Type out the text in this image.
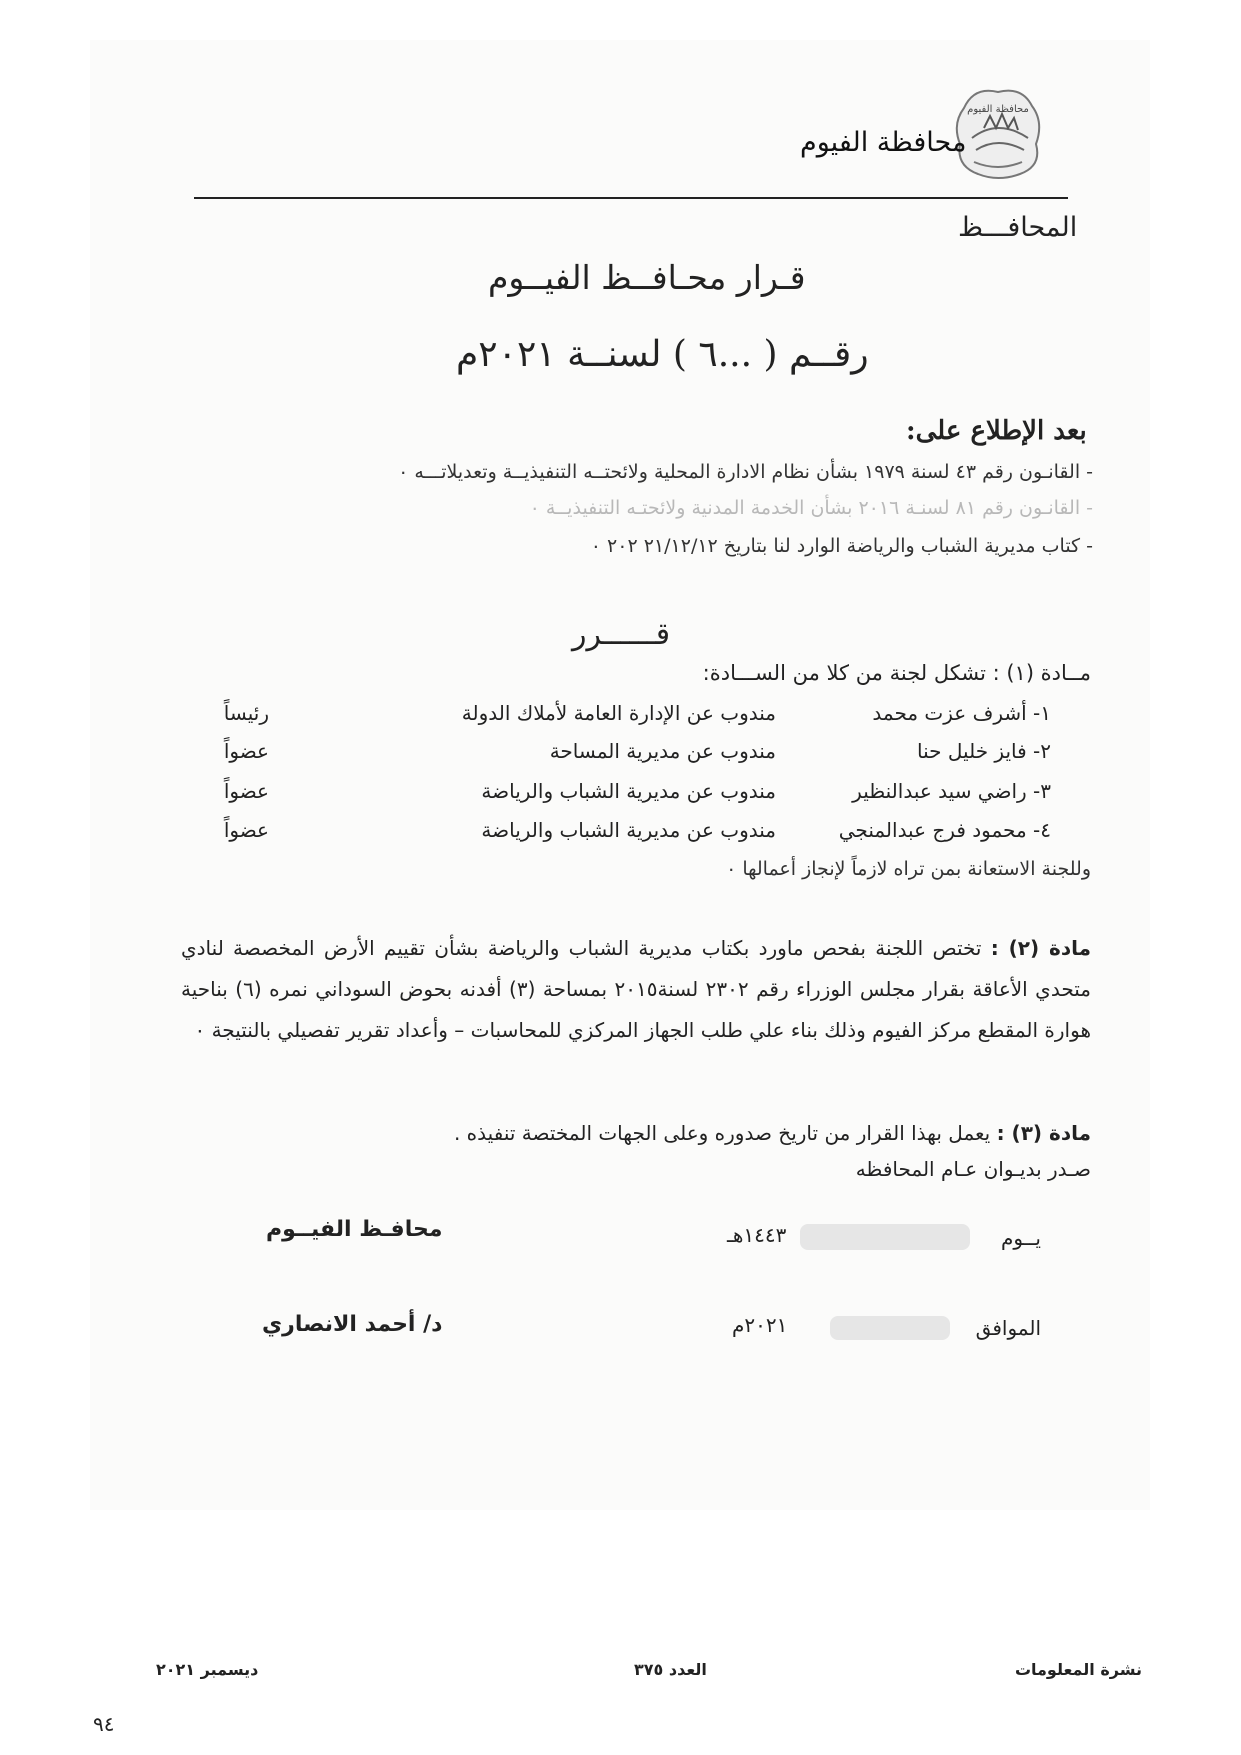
محافظة الفيوم
محافظة الفيوم
المحافـــظ
قـرار محـافــظ الفيــوم
رقــم ( ...٦ ) لسنــة ٢٠٢١م
بعد الإطلاع على:
- القانـون رقم ٤٣ لسنة ١٩٧٩ بشأن نظام الادارة المحلية ولائحتــه التنفيذيــة وتعديلاتـــه ٠
- القانـون رقم ٨١ لسنـة ٢٠١٦ بشأن الخدمة المدنية ولائحتـه التنفيذيــة ٠
- كتاب مديرية الشباب والرياضة الوارد لنا بتاريخ ٢١/١٢/١٢ ٢٠٢ ٠
قــــــرر
مــادة (١) : تشكل لجنة من كلا من الســـادة:
١- أشرف عزت محمد
مندوب عن الإدارة العامة لأملاك الدولة
رئيساً
٢- فايز خليل حنا
مندوب عن مديرية المساحة
عضواً
٣- راضي سيد عبدالنظير
مندوب عن مديرية الشباب والرياضة
عضواً
٤- محمود فرج عبدالمنجي
مندوب عن مديرية الشباب والرياضة
عضواً
وللجنة الاستعانة بمن تراه لازماً لإنجاز أعمالها ٠
مادة (٢) : تختص اللجنة بفحص ماورد بكتاب مديرية الشباب والرياضة بشأن تقييم الأرض المخصصة لنادي متحدي الأعاقة بقرار مجلس الوزراء رقم ٢٣٠٢ لسنة٢٠١٥ بمساحة (٣) أفدنه بحوض السوداني نمره (٦) بناحية هوارة المقطع مركز الفيوم وذلك بناء علي طلب الجهاز المركزي للمحاسبات – وأعداد تقرير تفصيلي بالنتيجة ٠
مادة (٣) : يعمل بهذا القرار من تاريخ صدوره وعلى الجهات المختصة تنفيذه .
صـدر بديـوان عـام المحافظه
محافـظ الفيــوم
د/ أحمد الانصاري
يــوم
١٤٤٣هـ
الموافق
٢٠٢١م
نشرة المعلومات
العدد ٣٧٥
ديسمبر ٢٠٢١
٩٤
